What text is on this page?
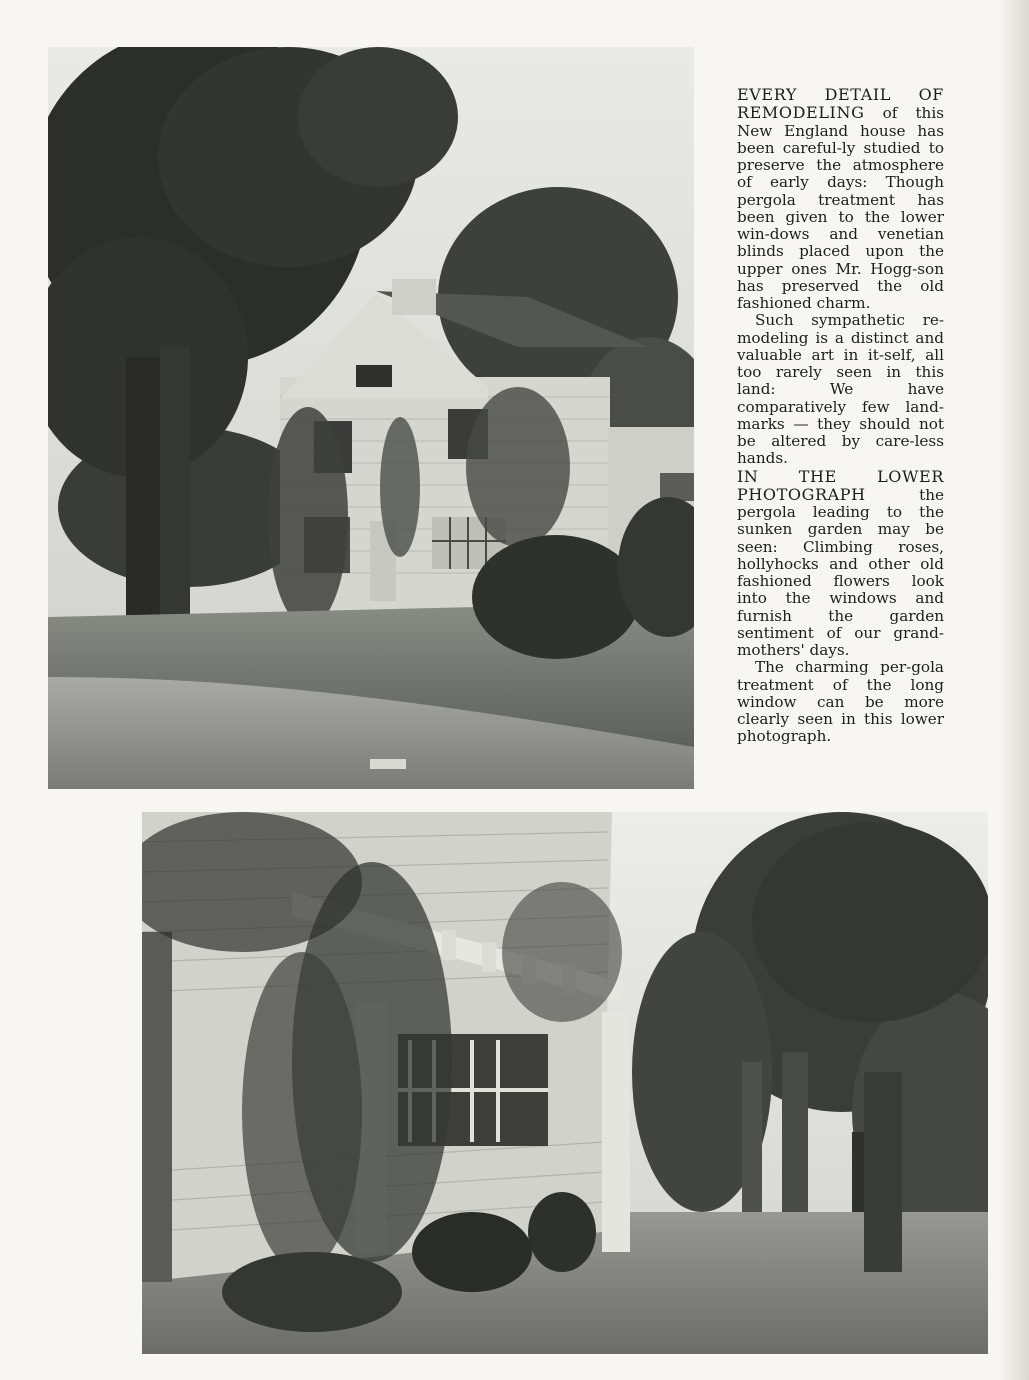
EVERY DETAIL OF REMODELING of this New England house has been careful-ly studied to preserve the atmosphere of early days: Though pergola treatment has been given to the lower win-dows and venetian blinds placed upon the upper ones Mr. Hogg-son has preserved the old fashioned charm.

Such sympathetic re-modeling is a distinct and valuable art in it-self, all too rarely seen in this land: We have comparatively few land-marks — they should not be altered by care-less hands.

IN THE LOWER PHOTOGRAPH	the pergola leading to the sunken garden may be seen: Climbing roses, hollyhocks and other old fashioned flowers look into the windows and furnish the garden sentiment of our grand-mothers' days.

The charming per-gola treatment of the long window can be more clearly seen in this lower photograph.
